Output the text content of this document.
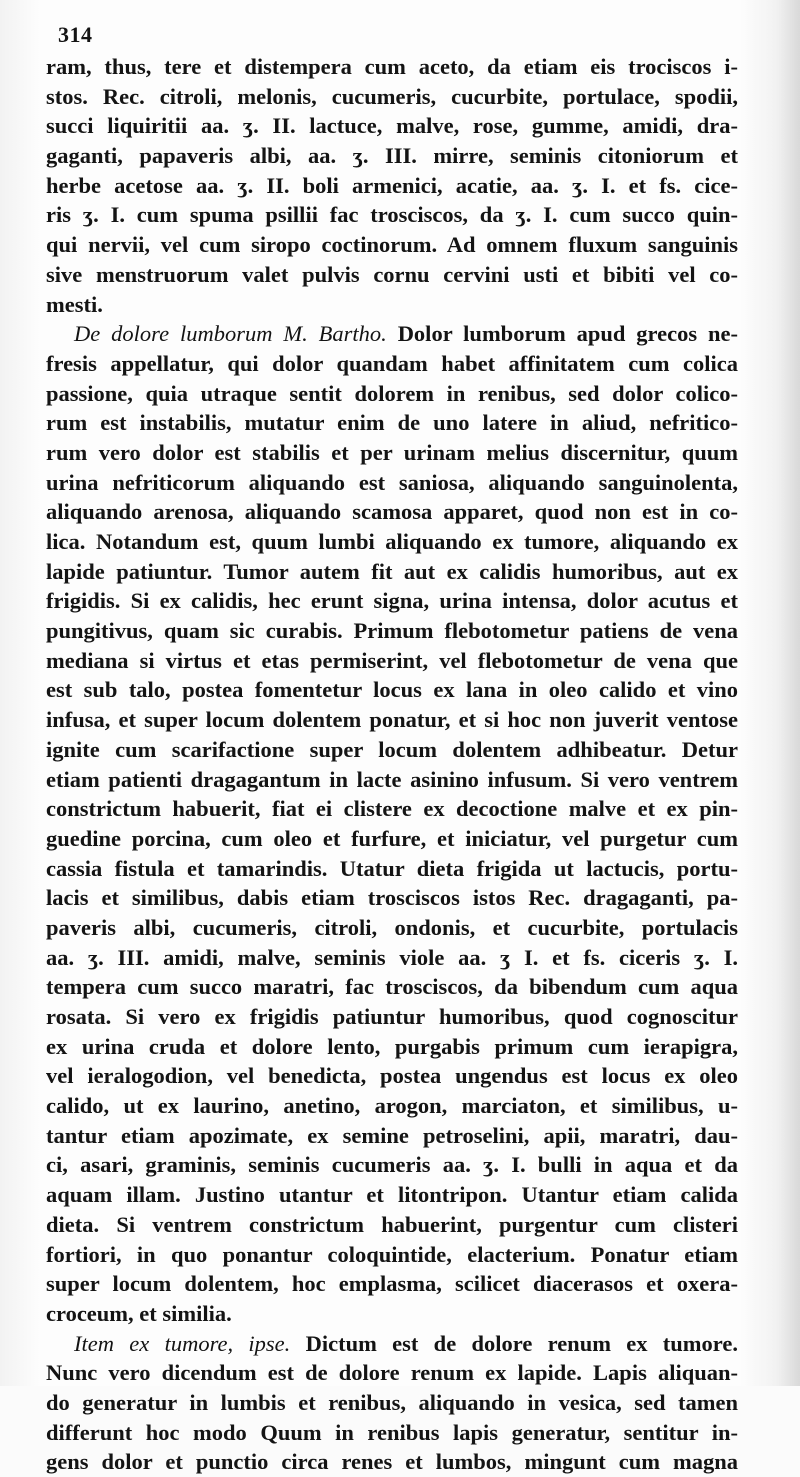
314
ram, thus, tere et distempera cum aceto, da etiam eis trociscos i-
stos. Rec. citroli, melonis, cucumeris, cucurbite, portulace, spodii,
succi liquiritii aa. ʒ. II. lactuce, malve, rose, gumme, amidi, dra-
gaganti, papaveris albi, aa. ʒ. III. mirre, seminis citoniorum et
herbe acetose aa. ʒ. II. boli armenici, acatie, aa. ʒ. I. et fs. cice-
ris ʒ. I. cum spuma psillii fac trosciscos, da ʒ. I. cum succo quin-
qui nervii, vel cum siropo coctinorum. Ad omnem fluxum sanguinis
sive menstruorum valet pulvis cornu cervini usti et bibiti vel co-
mesti.
De dolore lumborum M. Bartho. Dolor lumborum apud grecos ne-
fresis appellatur, qui dolor quandam habet affinitatem cum colica
passione, quia utraque sentit dolorem in renibus, sed dolor colico-
rum est instabilis, mutatur enim de uno latere in aliud, nefritico-
rum vero dolor est stabilis et per urinam melius discernitur, quum
urina nefriticorum aliquando est saniosa, aliquando sanguinolenta,
aliquando arenosa, aliquando scamosa apparet, quod non est in co-
lica. Notandum est, quum lumbi aliquando ex tumore, aliquando ex
lapide patiuntur. Tumor autem fit aut ex calidis humoribus, aut ex
frigidis. Si ex calidis, hec erunt signa, urina intensa, dolor acutus et
pungitivus, quam sic curabis. Primum flebotometur patiens de vena
mediana si virtus et etas permiserint, vel flebotometur de vena que
est sub talo, postea fomentetur locus ex lana in oleo calido et vino
infusa, et super locum dolentem ponatur, et si hoc non juverit ventose
ignite cum scarifactione super locum dolentem adhibeatur. Detur
etiam patienti dragagantum in lacte asinino infusum. Si vero ventrem
constrictum habuerit, fiat ei clistere ex decoctione malve et ex pin-
guedine porcina, cum oleo et furfure, et iniciatur, vel purgetur cum
cassia fistula et tamarindis. Utatur dieta frigida ut lactucis, portu-
lacis et similibus, dabis etiam trosciscos istos Rec. dragaganti, pa-
paveris albi, cucumeris, citroli, ondonis, et cucurbite, portulacis
aa. ʒ. III. amidi, malve, seminis viole aa. ʒ I. et fs. ciceris ʒ. I.
tempera cum succo maratri, fac trosciscos, da bibendum cum aqua
rosata. Si vero ex frigidis patiuntur humoribus, quod cognoscitur
ex urina cruda et dolore lento, purgabis primum cum ierapigra,
vel ieralogodion, vel benedicta, postea ungendus est locus ex oleo
calido, ut ex laurino, anetino, arogon, marciaton, et similibus, u-
tantur etiam apozimate, ex semine petroselini, apii, maratri, dau-
ci, asari, graminis, seminis cucumeris aa. ʒ. I. bulli in aqua et da
aquam illam. Justino utantur et litontripon. Utantur etiam calida
dieta. Si ventrem constrictum habuerint, purgentur cum clisteri
fortiori, in quo ponantur coloquintide, elacterium. Ponatur etiam
super locum dolentem, hoc emplasma, scilicet diacerasos et oxera-
croceum, et similia.
Item ex tumore, ipse. Dictum est de dolore renum ex tumore.
Nunc vero dicendum est de dolore renum ex lapide. Lapis aliquan-
do generatur in lumbis et renibus, aliquando in vesica, sed tamen
differunt hoc modo Quum in renibus lapis generatur, sentitur in-
gens dolor et punctio circa renes et lumbos, mingunt cum magna
